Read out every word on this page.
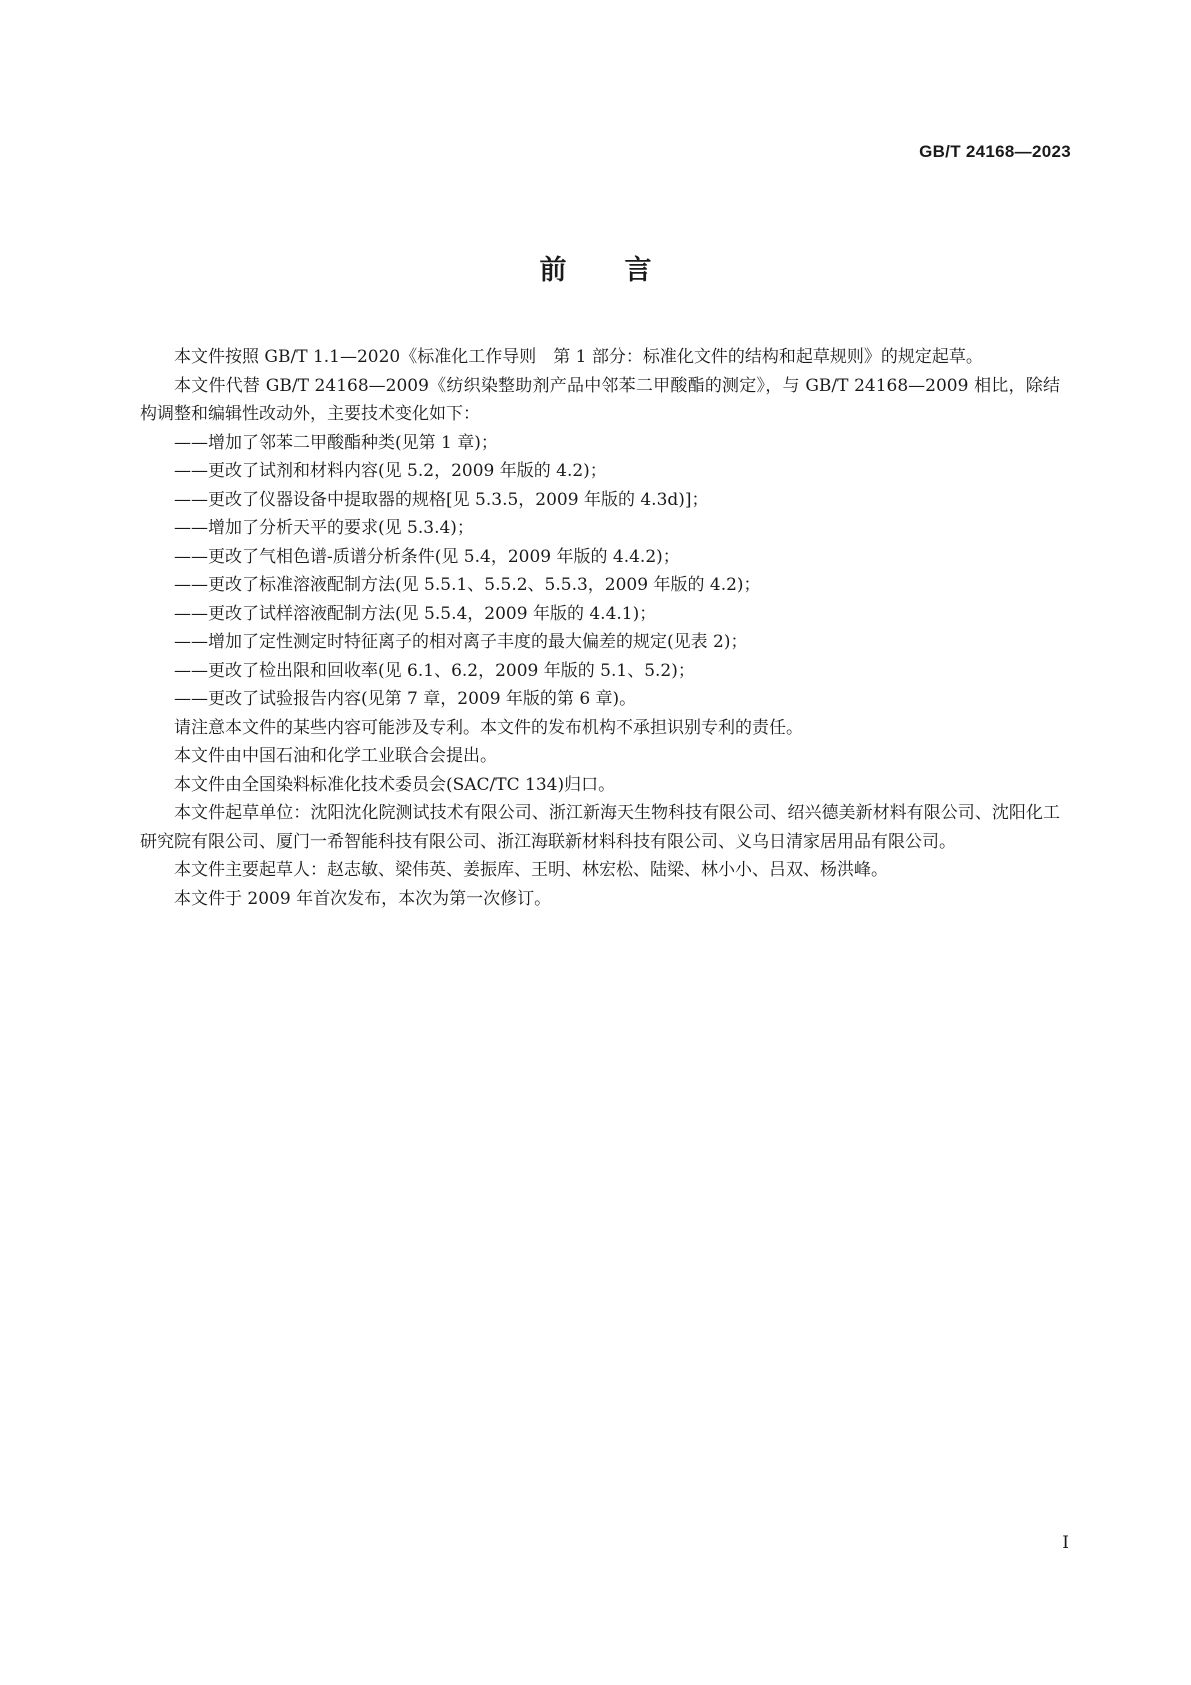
GB/T 24168—2023
前言

本文件按照 GB/T 1.1—2020《标准化工作导则　第 1 部分：标准化文件的结构和起草规则》的规定起草。

本文件代替 GB/T 24168—2009《纺织染整助剂产品中邻苯二甲酸酯的测定》，与 GB/T 24168—2009 相比，除结构调整和编辑性改动外，主要技术变化如下：

——增加了邻苯二甲酸酯种类(见第 1 章)；

——更改了试剂和材料内容(见 5.2，2009 年版的 4.2)；

——更改了仪器设备中提取器的规格[见 5.3.5，2009 年版的 4.3d)]；

——增加了分析天平的要求(见 5.3.4)；

——更改了气相色谱-质谱分析条件(见 5.4，2009 年版的 4.4.2)；

——更改了标准溶液配制方法(见 5.5.1、5.5.2、5.5.3，2009 年版的 4.2)；

——更改了试样溶液配制方法(见 5.5.4，2009 年版的 4.4.1)；

——增加了定性测定时特征离子的相对离子丰度的最大偏差的规定(见表 2)；

——更改了检出限和回收率(见 6.1、6.2，2009 年版的 5.1、5.2)；

——更改了试验报告内容(见第 7 章，2009 年版的第 6 章)。

请注意本文件的某些内容可能涉及专利。本文件的发布机构不承担识别专利的责任。

本文件由中国石油和化学工业联合会提出。

本文件由全国染料标准化技术委员会(SAC/TC 134)归口。

本文件起草单位：沈阳沈化院测试技术有限公司、浙江新海天生物科技有限公司、绍兴德美新材料有限公司、沈阳化工研究院有限公司、厦门一希智能科技有限公司、浙江海联新材料科技有限公司、义乌日清家居用品有限公司。

本文件主要起草人：赵志敏、梁伟英、姜振库、王明、林宏松、陆梁、林小小、吕双、杨洪峰。

本文件于 2009 年首次发布，本次为第一次修订。

I
